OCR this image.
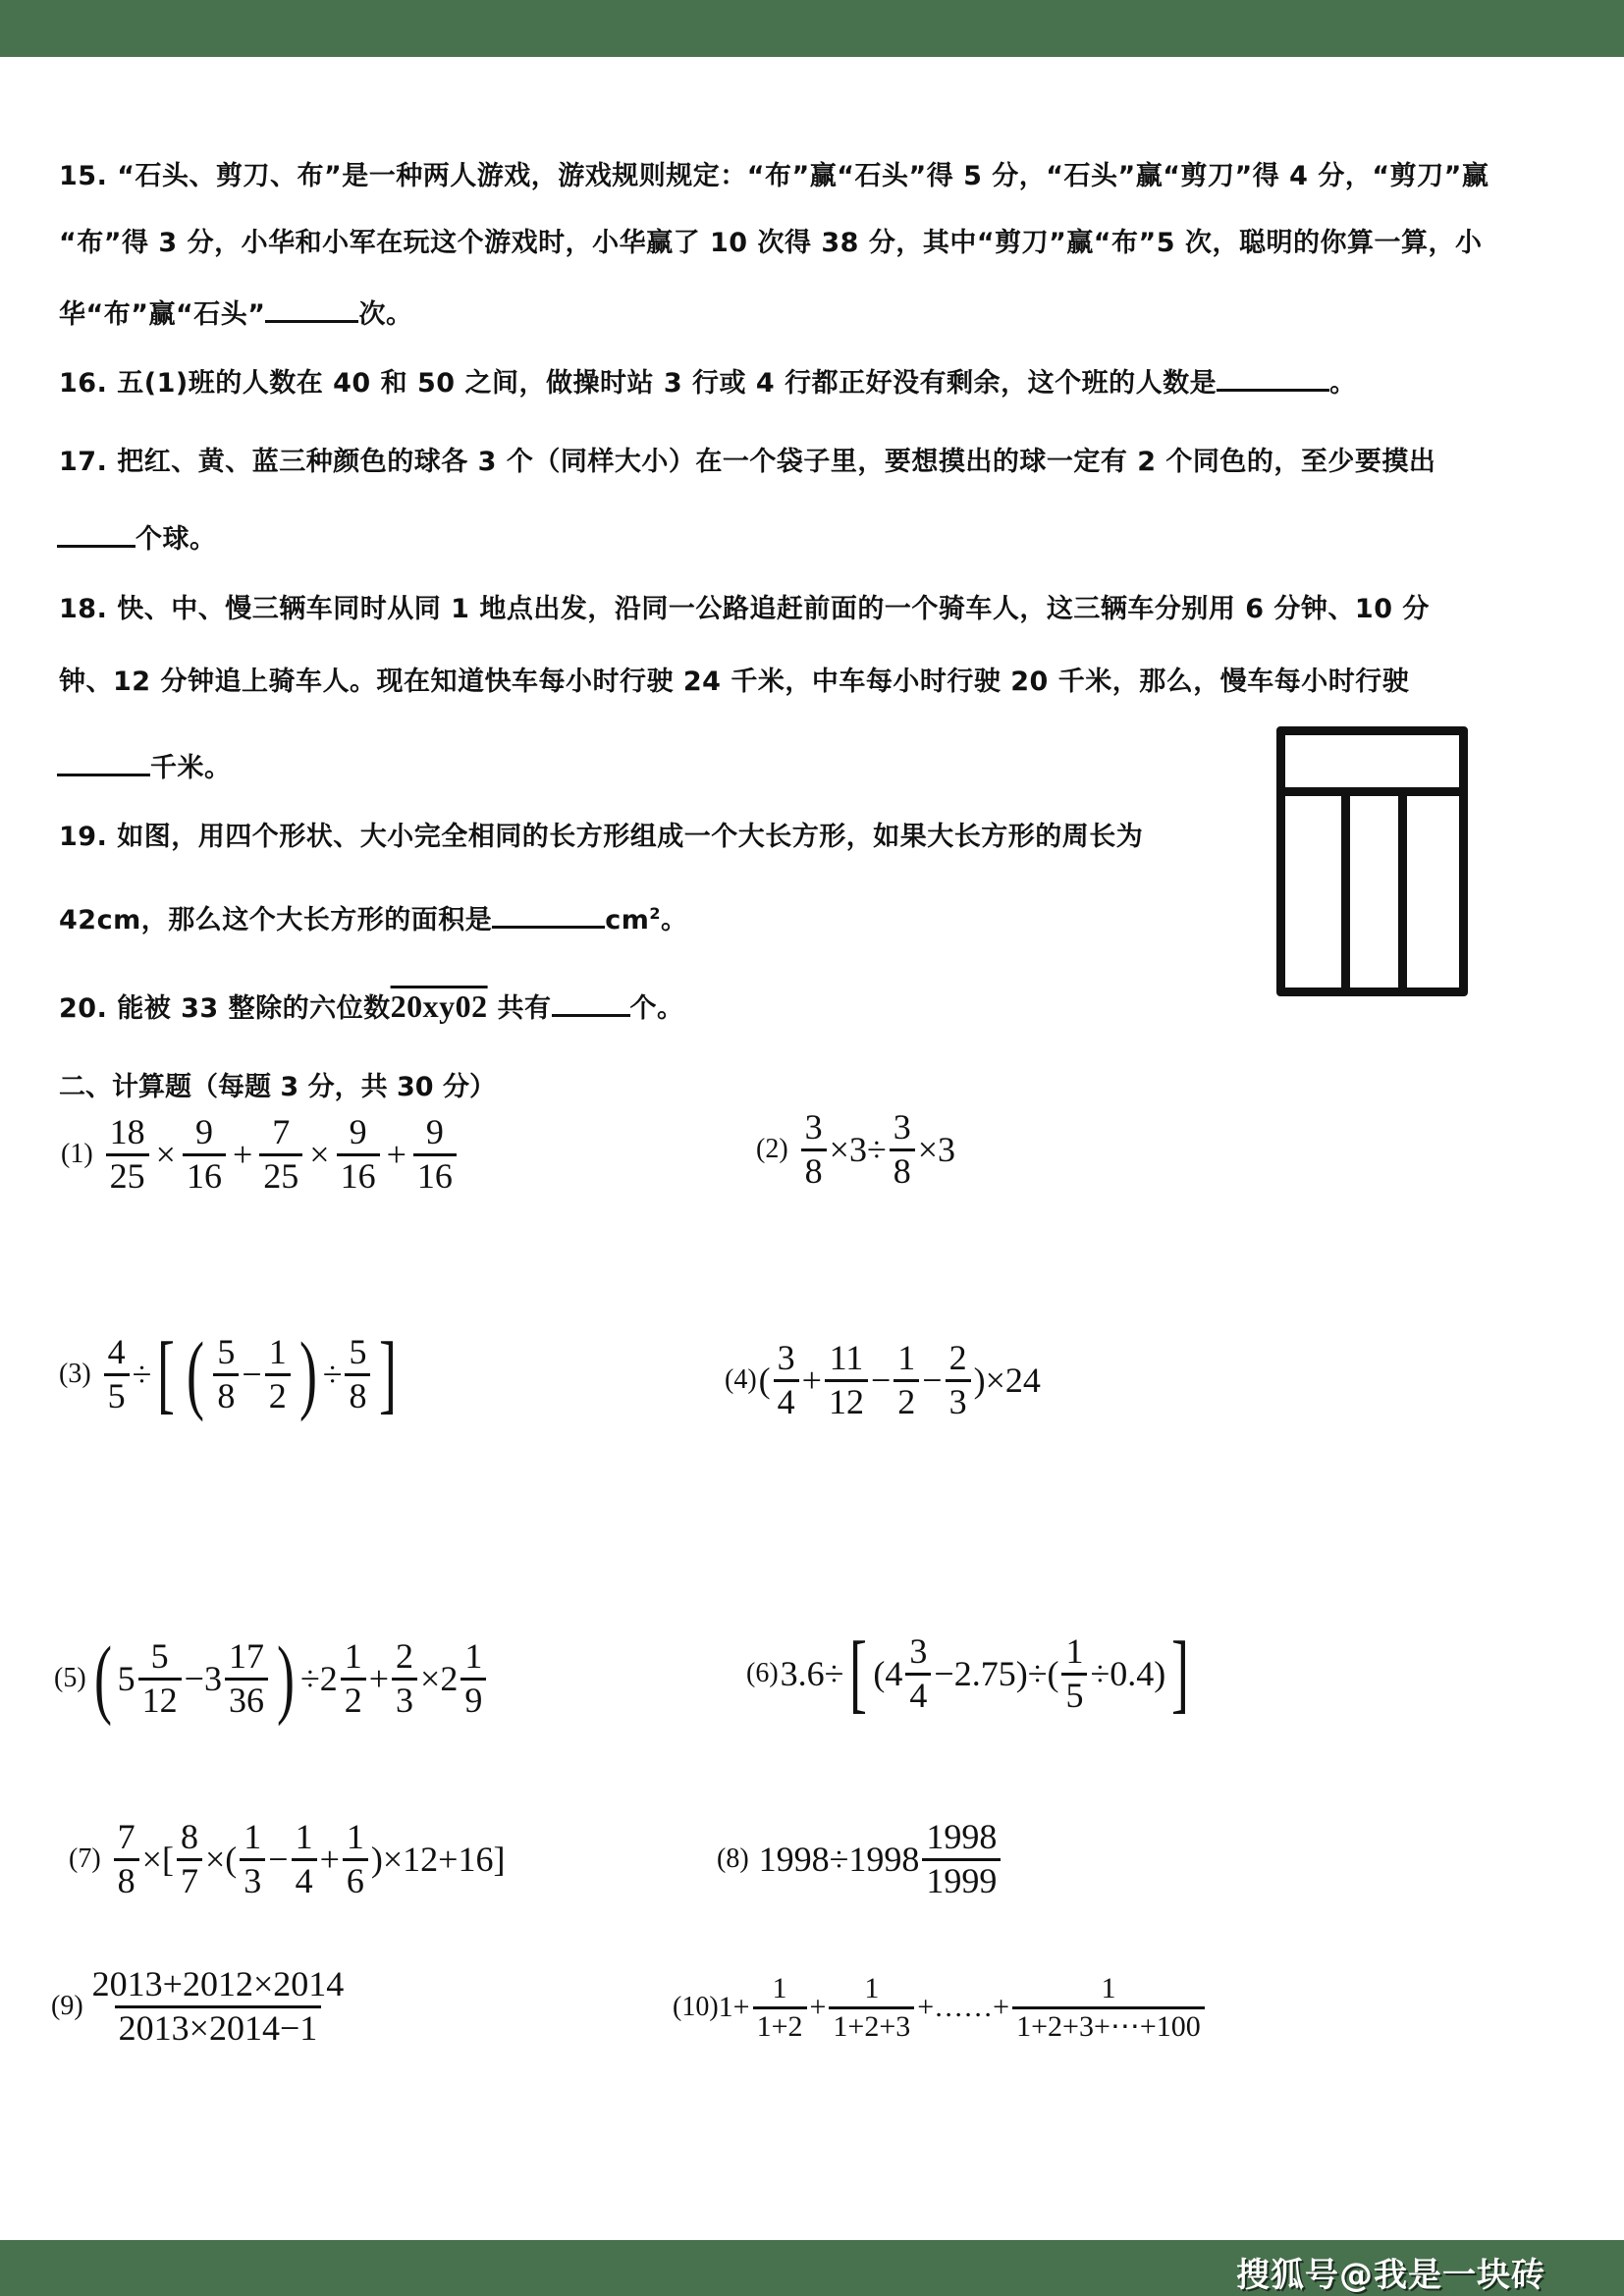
15. “石头、剪刀、布”是一种两人游戏，游戏规则规定：“布”赢“石头”得 5 分，“石头”赢“剪刀”得 4 分，“剪刀”赢
“布”得 3 分，小华和小军在玩这个游戏时，小华赢了 10 次得 38 分，其中“剪刀”赢“布”5 次，聪明的你算一算，小
华“布”赢“石头”	次。
16. 五(1)班的人数在 40 和 50 之间，做操时站 3 行或 4 行都正好没有剩余，这个班的人数是	。
17. 把红、黄、蓝三种颜色的球各 3 个（同样大小）在一个袋子里，要想摸出的球一定有 2 个同色的，至少要摸出
个球。
18. 快、中、慢三辆车同时从同 1 地点出发，沿同一公路追赶前面的一个骑车人，这三辆车分别用 6 分钟、10 分
钟、12 分钟追上骑车人。现在知道快车每小时行驶 24 千米，中车每小时行驶 20 千米，那么，慢车每小时行驶
千米。
19. 如图，用四个形状、大小完全相同的长方形组成一个大长方形，如果大长方形的周长为
42cm，那么这个大长方形的面积是	$cm^2$。
20. 能被 33 整除的六位数20xy02 共有	个。
二、计算题（每题 3 分，共 30 分）
$(1) \frac{18}{25} \times \frac{9}{16} + \frac{7}{25} \times \frac{9}{16} + \frac{9}{16}$	$(2) \frac{3}{8} \times 3\div \frac{3}{8} \times 3$
$(3) \frac{4}{5}$ ÷ [ ( $\frac{5}{8} - \frac{1}{2}$ ) ÷ $\frac{5}{8}$ ]	(4) ( $\frac{3}{4} + \frac{11}{12} - \frac{1}{2} - \frac{2}{3}$ ) ×24
(5) ( $5 \frac{5}{12} - 3 \frac{17}{36}$ ) ÷ $2 \frac{1}{2} + \frac{2}{3} \times 2 \frac{1}{9}$	(6) 3.6÷ [ $(4 \frac{3}{4} -2.75)\div( \frac{1}{5} \div 0.4)$ ]
$(7) \frac{7}{8}$ ×[ $\frac{8}{7}$ ×( $\frac{1}{3} - \frac{1}{4} + \frac{1}{6} )\times 12+16$]	(8) $1998\div 1998 \frac{1998}{1999}$
$(9) \frac{2013+2012\times 2014}{2013\times 2014-1}$	(10) $1+ \frac{1}{1+2} + \frac{1}{1+2+3}$ +……+ $\frac{1}{1+2+3+\cdots+100}$
搜狐号@我是一块砖
